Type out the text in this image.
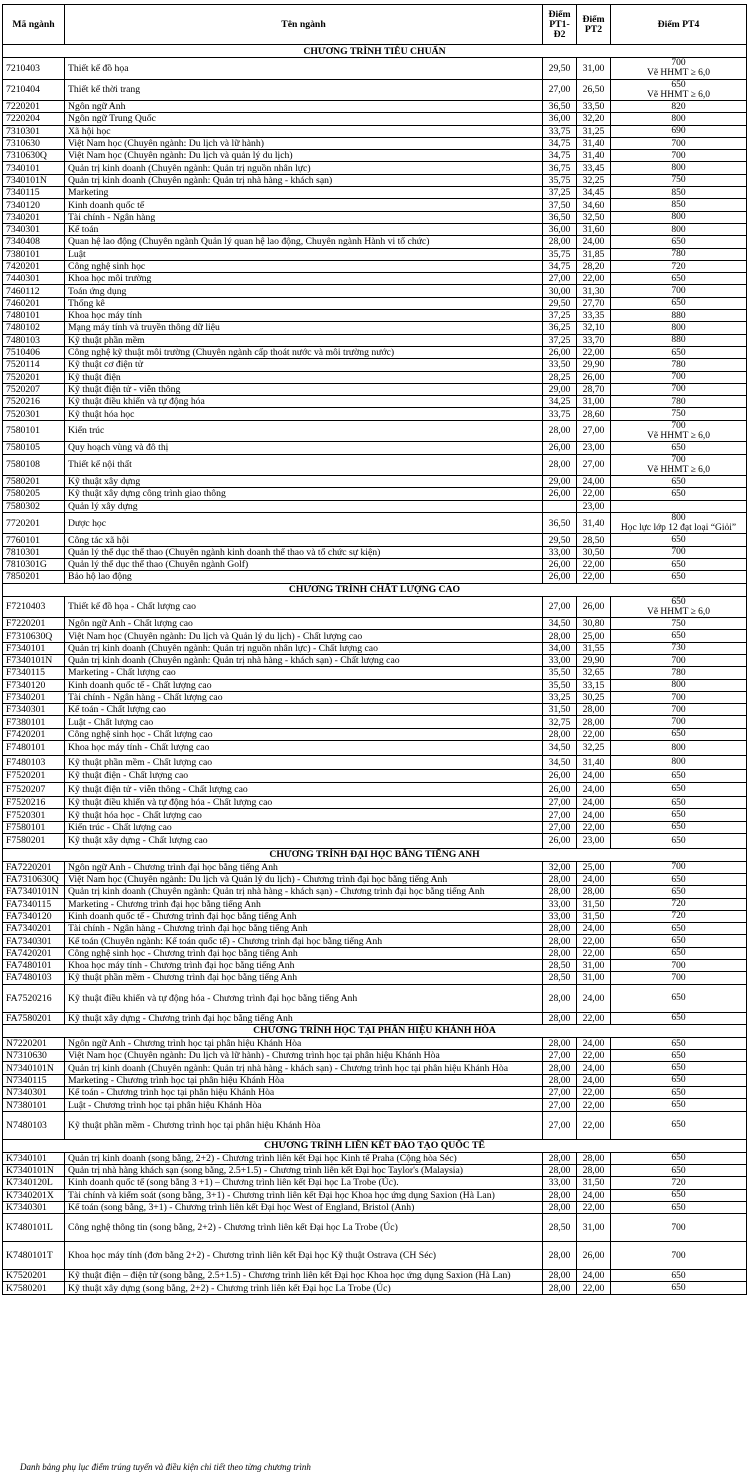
Mã ngành	Tên ngành	Điểm PT1-Đ2	Điểm PT2	Điểm PT4
CHƯƠNG TRÌNH TIÊU CHUẨN				
7210403	Thiết kế đồ họa	29,50	31,00	700
Vẽ HHMT ≥ 6,0
7210404	Thiết kế thời trang	27,00	26,50	650
Vẽ HHMT ≥ 6,0
7220201	Ngôn ngữ Anh	36,50	33,50	820
7220204	Ngôn ngữ Trung Quốc	36,00	32,20	800
7310301	Xã hội học	33,75	31,25	690
7310630	Việt Nam học (Chuyên ngành: Du lịch và lữ hành)	34,75	31,40	700
7310630Q	Việt Nam học (Chuyên ngành: Du lịch và quản lý du lịch)	34,75	31,40	700
7340101	Quản trị kinh doanh (Chuyên ngành: Quản trị nguồn nhân lực)	36,75	33,45	800
7340101N	Quản trị kinh doanh (Chuyên ngành: Quản trị nhà hàng - khách sạn)	35,75	32,25	750
7340115	Marketing	37,25	34,45	850
7340120	Kinh doanh quốc tế	37,50	34,60	850
7340201	Tài chính - Ngân hàng	36,50	32,50	800
7340301	Kế toán	36,00	31,60	800
7340408	Quan hệ lao động (Chuyên ngành Quản lý quan hệ lao động, Chuyên ngành Hành vi tổ chức)	28,00	24,00	650
7380101	Luật	35,75	31,85	780
7420201	Công nghệ sinh học	34,75	28,20	720
7440301	Khoa học môi trường	27,00	22,00	650
7460112	Toán ứng dụng	30,00	31,30	700
7460201	Thống kê	29,50	27,70	650
7480101	Khoa học máy tính	37,25	33,35	880
7480102	Mạng máy tính và truyền thông dữ liệu	36,25	32,10	800
7480103	Kỹ thuật phần mềm	37,25	33,70	880
7510406	Công nghệ kỹ thuật môi trường (Chuyên ngành cấp thoát nước và môi trường nước)	26,00	22,00	650
7520114	Kỹ thuật cơ điện tử	33,50	29,90	780
7520201	Kỹ thuật điện	28,25	26,00	700
7520207	Kỹ thuật điện tử - viễn thông	29,00	28,70	700
7520216	Kỹ thuật điều khiển và tự động hóa	34,25	31,00	780
7520301	Kỹ thuật hóa học	33,75	28,60	750
7580101	Kiến trúc	28,00	27,00	700
Vẽ HHMT ≥ 6,0
7580105	Quy hoạch vùng và đô thị	26,00	23,00	650
7580108	Thiết kế nội thất	28,00	27,00	700
Vẽ HHMT ≥ 6,0
7580201	Kỹ thuật xây dựng	29,00	24,00	650
7580205	Kỹ thuật xây dựng công trình giao thông	26,00	22,00	650
7580302	Quản lý xây dựng		23,00	
7720201	Dược học	36,50	31,40	800
Học lực lớp 12 đạt loại “Giỏi”
7760101	Công tác xã hội	29,50	28,50	650
7810301	Quản lý thể dục thể thao (Chuyên ngành kinh doanh thể thao và tổ chức sự kiện)	33,00	30,50	700
7810301G	Quản lý thể dục thể thao (Chuyên ngành Golf)	26,00	22,00	650
7850201	Bảo hộ lao động	26,00	22,00	650
CHƯƠNG TRÌNH CHẤT LƯỢNG CAO				
F7210403	Thiết kế đồ họa - Chất lượng cao	27,00	26,00	650
Vẽ HHMT ≥ 6,0
F7220201	Ngôn ngữ Anh - Chất lượng cao	34,50	30,80	750
F7310630Q	Việt Nam học (Chuyên ngành: Du lịch và Quản lý du lịch) - Chất lượng cao	28,00	25,00	650
F7340101	Quản trị kinh doanh (Chuyên ngành: Quản trị nguồn nhân lực) - Chất lượng cao	34,00	31,55	730
F7340101N	Quản trị kinh doanh (Chuyên ngành: Quản trị nhà hàng - khách sạn) - Chất lượng cao	33,00	29,90	700
F7340115	Marketing - Chất lượng cao	35,50	32,65	780
F7340120	Kinh doanh quốc tế - Chất lượng cao	35,50	33,15	800
F7340201	Tài chính - Ngân hàng - Chất lượng cao	33,25	30,25	700
F7340301	Kế toán - Chất lượng cao	31,50	28,00	700
F7380101	Luật - Chất lượng cao	32,75	28,00	700
F7420201	Công nghệ sinh học - Chất lượng cao	28,00	22,00	650
F7480101	Khoa học máy tính - Chất lượng cao	34,50	32,25	800
F7480103	Kỹ thuật phần mềm - Chất lượng cao	34,50	31,40	800
F7520201	Kỹ thuật điện - Chất lượng cao	26,00	24,00	650
F7520207	Kỹ thuật điện tử - viễn thông - Chất lượng cao	26,00	24,00	650
F7520216	Kỹ thuật điều khiển và tự động hóa - Chất lượng cao	27,00	24,00	650
F7520301	Kỹ thuật hóa học - Chất lượng cao	27,00	24,00	650
F7580101	Kiến trúc - Chất lượng cao	27,00	22,00	650
F7580201	Kỹ thuật xây dựng - Chất lượng cao	26,00	23,00	650
CHƯƠNG TRÌNH ĐẠI HỌC BẰNG TIẾNG ANH				
FA7220201	Ngôn ngữ Anh - Chương trình đại học bằng tiếng Anh	32,00	25,00	700
FA7310630Q	Việt Nam học (Chuyên ngành: Du lịch và Quản lý du lịch) - Chương trình đại học bằng tiếng Anh	28,00	24,00	650
FA7340101N	Quản trị kinh doanh (Chuyên ngành: Quản trị nhà hàng - khách sạn) - Chương trình đại học bằng tiếng Anh	28,00	28,00	650
FA7340115	Marketing - Chương trình đại học bằng tiếng Anh	33,00	31,50	720
FA7340120	Kinh doanh quốc tế - Chương trình đại học bằng tiếng Anh	33,00	31,50	720
FA7340201	Tài chính - Ngân hàng - Chương trình đại học bằng tiếng Anh	28,00	24,00	650
FA7340301	Kế toán (Chuyên ngành: Kế toán quốc tế) - Chương trình đại học bằng tiếng Anh	28,00	22,00	650
FA7420201	Công nghệ sinh học - Chương trình đại học bằng tiếng Anh	28,00	22,00	650
FA7480101	Khoa học máy tính - Chương trình đại học bằng tiếng Anh	28,50	31,00	700
FA7480103	Kỹ thuật phần mềm - Chương trình đại học bằng tiếng Anh	28,50	31,00	700
FA7520216	Kỹ thuật điều khiển và tự động hóa - Chương trình đại học bằng tiếng Anh	28,00	24,00	650
FA7580201	Kỹ thuật xây dựng - Chương trình đại học bằng tiếng Anh	28,00	22,00	650
CHƯƠNG TRÌNH HỌC TẠI PHÂN HIỆU KHÁNH HÒA				
N7220201	Ngôn ngữ Anh - Chương trình học tại phân hiệu Khánh Hòa	28,00	24,00	650
N7310630	Việt Nam học (Chuyên ngành: Du lịch và lữ hành) - Chương trình học tại phân hiệu Khánh Hòa	27,00	22,00	650
N7340101N	Quản trị kinh doanh (Chuyên ngành: Quản trị nhà hàng - khách sạn) - Chương trình học tại phân hiệu Khánh Hòa	28,00	24,00	650
N7340115	Marketing - Chương trình học tại phân hiệu Khánh Hòa	28,00	24,00	650
N7340301	Kế toán - Chương trình học tại phân hiệu Khánh Hòa	27,00	22,00	650
N7380101	Luật - Chương trình học tại phân hiệu Khánh Hòa	27,00	22,00	650
N7480103	Kỹ thuật phần mềm - Chương trình học tại phân hiệu Khánh Hòa	27,00	22,00	650
CHƯƠNG TRÌNH LIÊN KẾT ĐÀO TẠO QUỐC TẾ				
K7340101	Quản trị kinh doanh (song bằng, 2+2) - Chương trình liên kết Đại học Kinh tế Praha (Cộng hòa Séc)	28,00	28,00	650
K7340101N	Quản trị nhà hàng khách sạn (song bằng, 2.5+1.5) - Chương trình liên kết Đại học Taylor's (Malaysia)	28,00	28,00	650
K7340120L	Kinh doanh quốc tế (song bằng 3 +1) – Chương trình liên kết Đại học La Trobe (Úc).	33,00	31,50	720
K7340201X	Tài chính và kiểm soát (song bằng, 3+1) - Chương trình liên kết Đại học Khoa học ứng dụng Saxion (Hà Lan)	28,00	24,00	650
K7340301	Kế toán (song bằng, 3+1) - Chương trình liên kết Đại học West of England, Bristol (Anh)	28,00	22,00	650
K7480101L	Công nghệ thông tin (song bằng, 2+2) - Chương trình liên kết Đại học La Trobe (Úc)	28,50	31,00	700
K7480101T	Khoa học máy tính (đơn bằng 2+2) - Chương trình liên kết Đại học Kỹ thuật Ostrava (CH Séc)	28,00	26,00	700
K7520201	Kỹ thuật điện – điện tử (song bằng, 2.5+1.5) - Chương trình liên kết Đại học Khoa học ứng dụng Saxion (Hà Lan)	28,00	24,00	650
K7580201	Kỹ thuật xây dựng (song bằng, 2+2) - Chương trình liên kết Đại học La Trobe (Úc)	28,00	22,00	650
Danh bảng phụ lục điểm trúng tuyển và điều kiện chi tiết theo từng chương trình
